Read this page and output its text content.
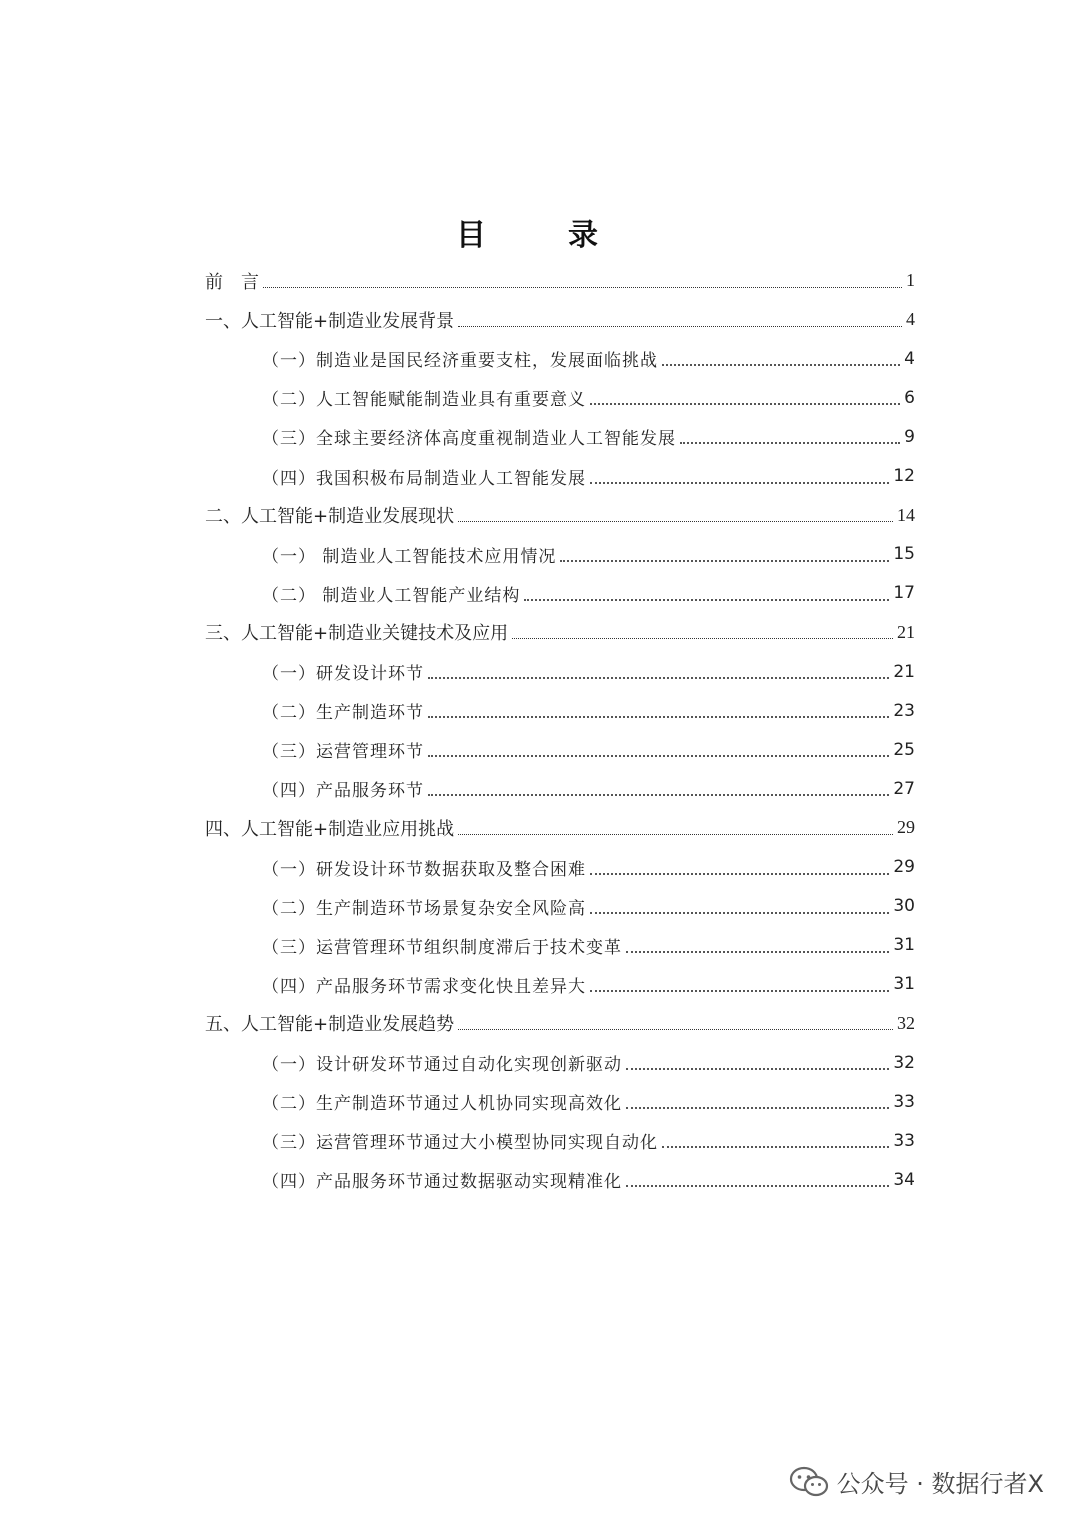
目　录
前　言	1
一、人工智能+制造业发展背景	4
（一）制造业是国民经济重要支柱，发展面临挑战	4
（二）人工智能赋能制造业具有重要意义	6
（三）全球主要经济体高度重视制造业人工智能发展	9
（四）我国积极布局制造业人工智能发展	12
二、人工智能+制造业发展现状	14
（一） 制造业人工智能技术应用情况	15
（二） 制造业人工智能产业结构	17
三、人工智能+制造业关键技术及应用	21
（一）研发设计环节	21
（二）生产制造环节	23
（三）运营管理环节	25
（四）产品服务环节	27
四、人工智能+制造业应用挑战	29
（一）研发设计环节数据获取及整合困难	29
（二）生产制造环节场景复杂安全风险高	30
（三）运营管理环节组织制度滞后于技术变革	31
（四）产品服务环节需求变化快且差异大	31
五、人工智能+制造业发展趋势	32
（一）设计研发环节通过自动化实现创新驱动	32
（二）生产制造环节通过人机协同实现高效化	33
（三）运营管理环节通过大小模型协同实现自动化	33
（四）产品服务环节通过数据驱动实现精准化	34
公众号 · 数据行者X
